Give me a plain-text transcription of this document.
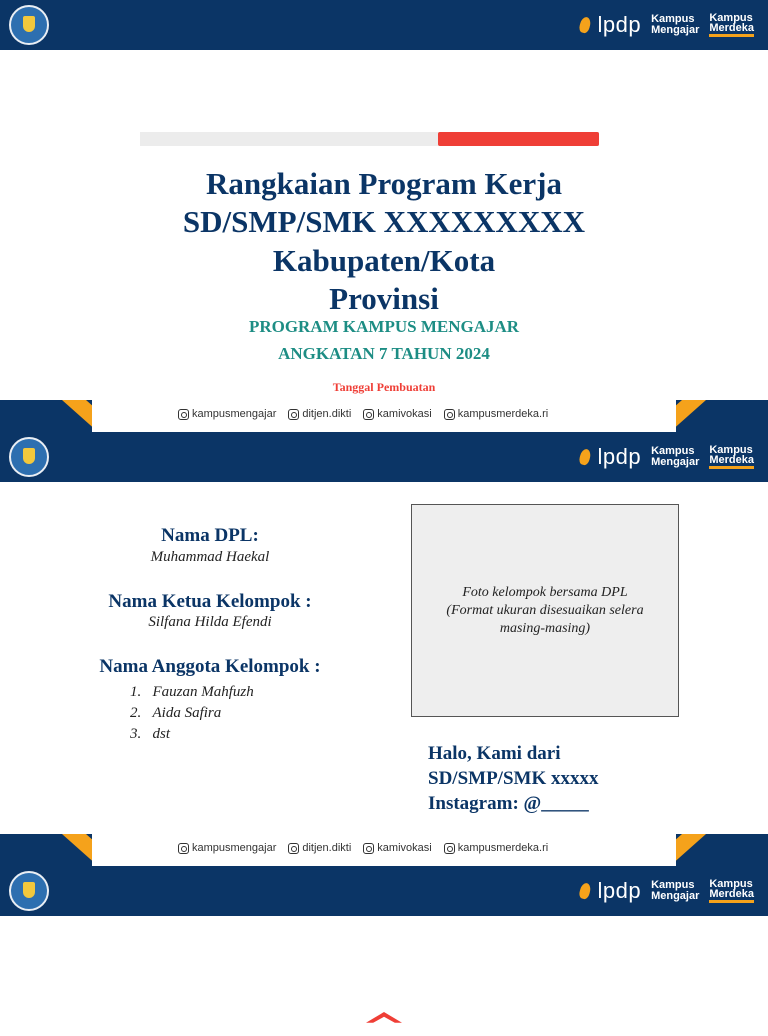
lpdp Kampus
Mengajar
Kampus
Merdeka
Rangkaian Program Kerja
SD/SMP/SMK XXXXXXXXX
Kabupaten/Kota
Provinsi
PROGRAM KAMPUS MENGAJAR
ANGKATAN 7 TAHUN 2024
Tanggal Pembuatan
kampusmengajar ditjen.dikti kamivokasi kampusmerdeka.ri
lpdp Kampus
Mengajar
Kampus
Merdeka
kampusmengajar ditjen.dikti kamivokasi kampusmerdeka.ri
Nama DPL:
Muhammad Haekal
Nama Ketua Kelompok :
Silfana Hilda Efendi
Nama Anggota Kelompok :
1.   Fauzan Mahfuzh
2.   Aida Safira
3.   dst
Foto kelompok bersama DPL
(Format ukuran disesuaikan selera
masing-masing)
Halo, Kami dari
SD/SMP/SMK xxxxx
Instagram: @_____
lpdp Kampus
Mengajar
Kampus
Merdeka
